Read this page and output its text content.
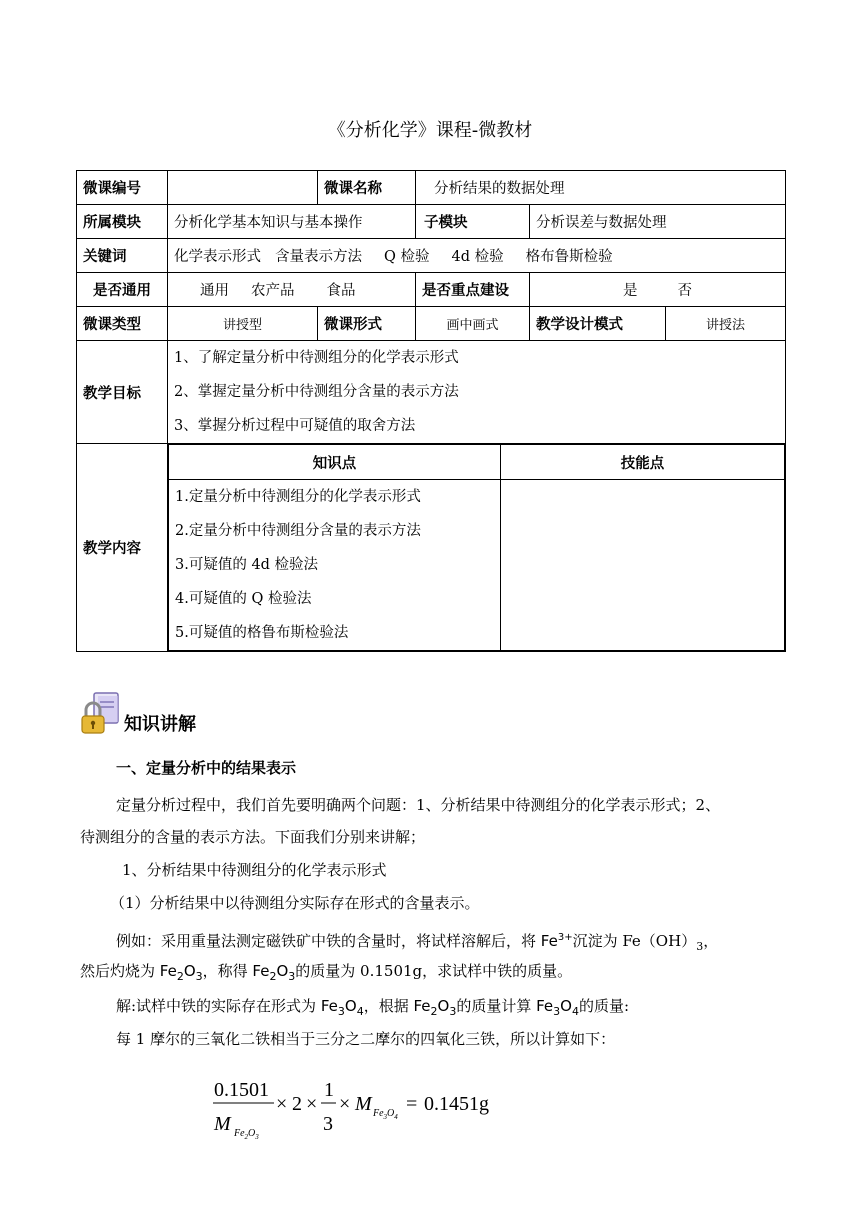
《分析化学》课程-微教材
微课编号		微课名称	分析结果的数据处理
所属模块	分析化学基本知识与基本操作	子模块	分析误差与数据处理
关键词	化学表示形式 含量表示方法 Q 检验 4d 检验 格布鲁斯检验
是否通用	通用 农产品 食品	是否重点建设	是	否
微课类型	讲授型	微课形式	画中画式	教学设计模式	讲授法
教学目标	
1、了解定量分析中待测组分的化学表示形式
2、掌握定量分析中待测组分含量的表示方法
3、掌握分析过程中可疑值的取舍方法

教学内容	
知识点	技能点

1.定量分析中待测组分的化学表示形式
2.定量分析中待测组分含量的表示方法
3.可疑值的 4d 检验法
4.可疑值的 Q 检验法
5.可疑值的格鲁布斯检验法

知识讲解
一、定量分析中的结果表示
定量分析过程中，我们首先要明确两个问题：1、分析结果中待测组分的化学表示形式；2、
待测组分的含量的表示方法。下面我们分别来讲解；
1、分析结果中待测组分的化学表示形式
（1）分析结果中以待测组分实际存在形式的含量表示。
例如：采用重量法测定磁铁矿中铁的含量时，将试样溶解后，将 $Fe^{3+}$沉淀为 $Fe(OH)_3$，
然后灼烧为 $Fe_2O_3$，称得 $Fe_2O_3$的质量为 0.1501g，求试样中铁的质量。
解:试样中铁的实际存在形式为 $Fe_3O_4$，根据 $Fe_2O_3$的质量计算 $Fe_3O_4$的质量:
每 1 摩尔的三氧化二铁相当于三分之二摩尔的四氧化三铁，所以计算如下：
0.1501
M $Fe_2O_3$
× 2 ×
1
3
× M $Fe_3O_4$
= 0.1451g
